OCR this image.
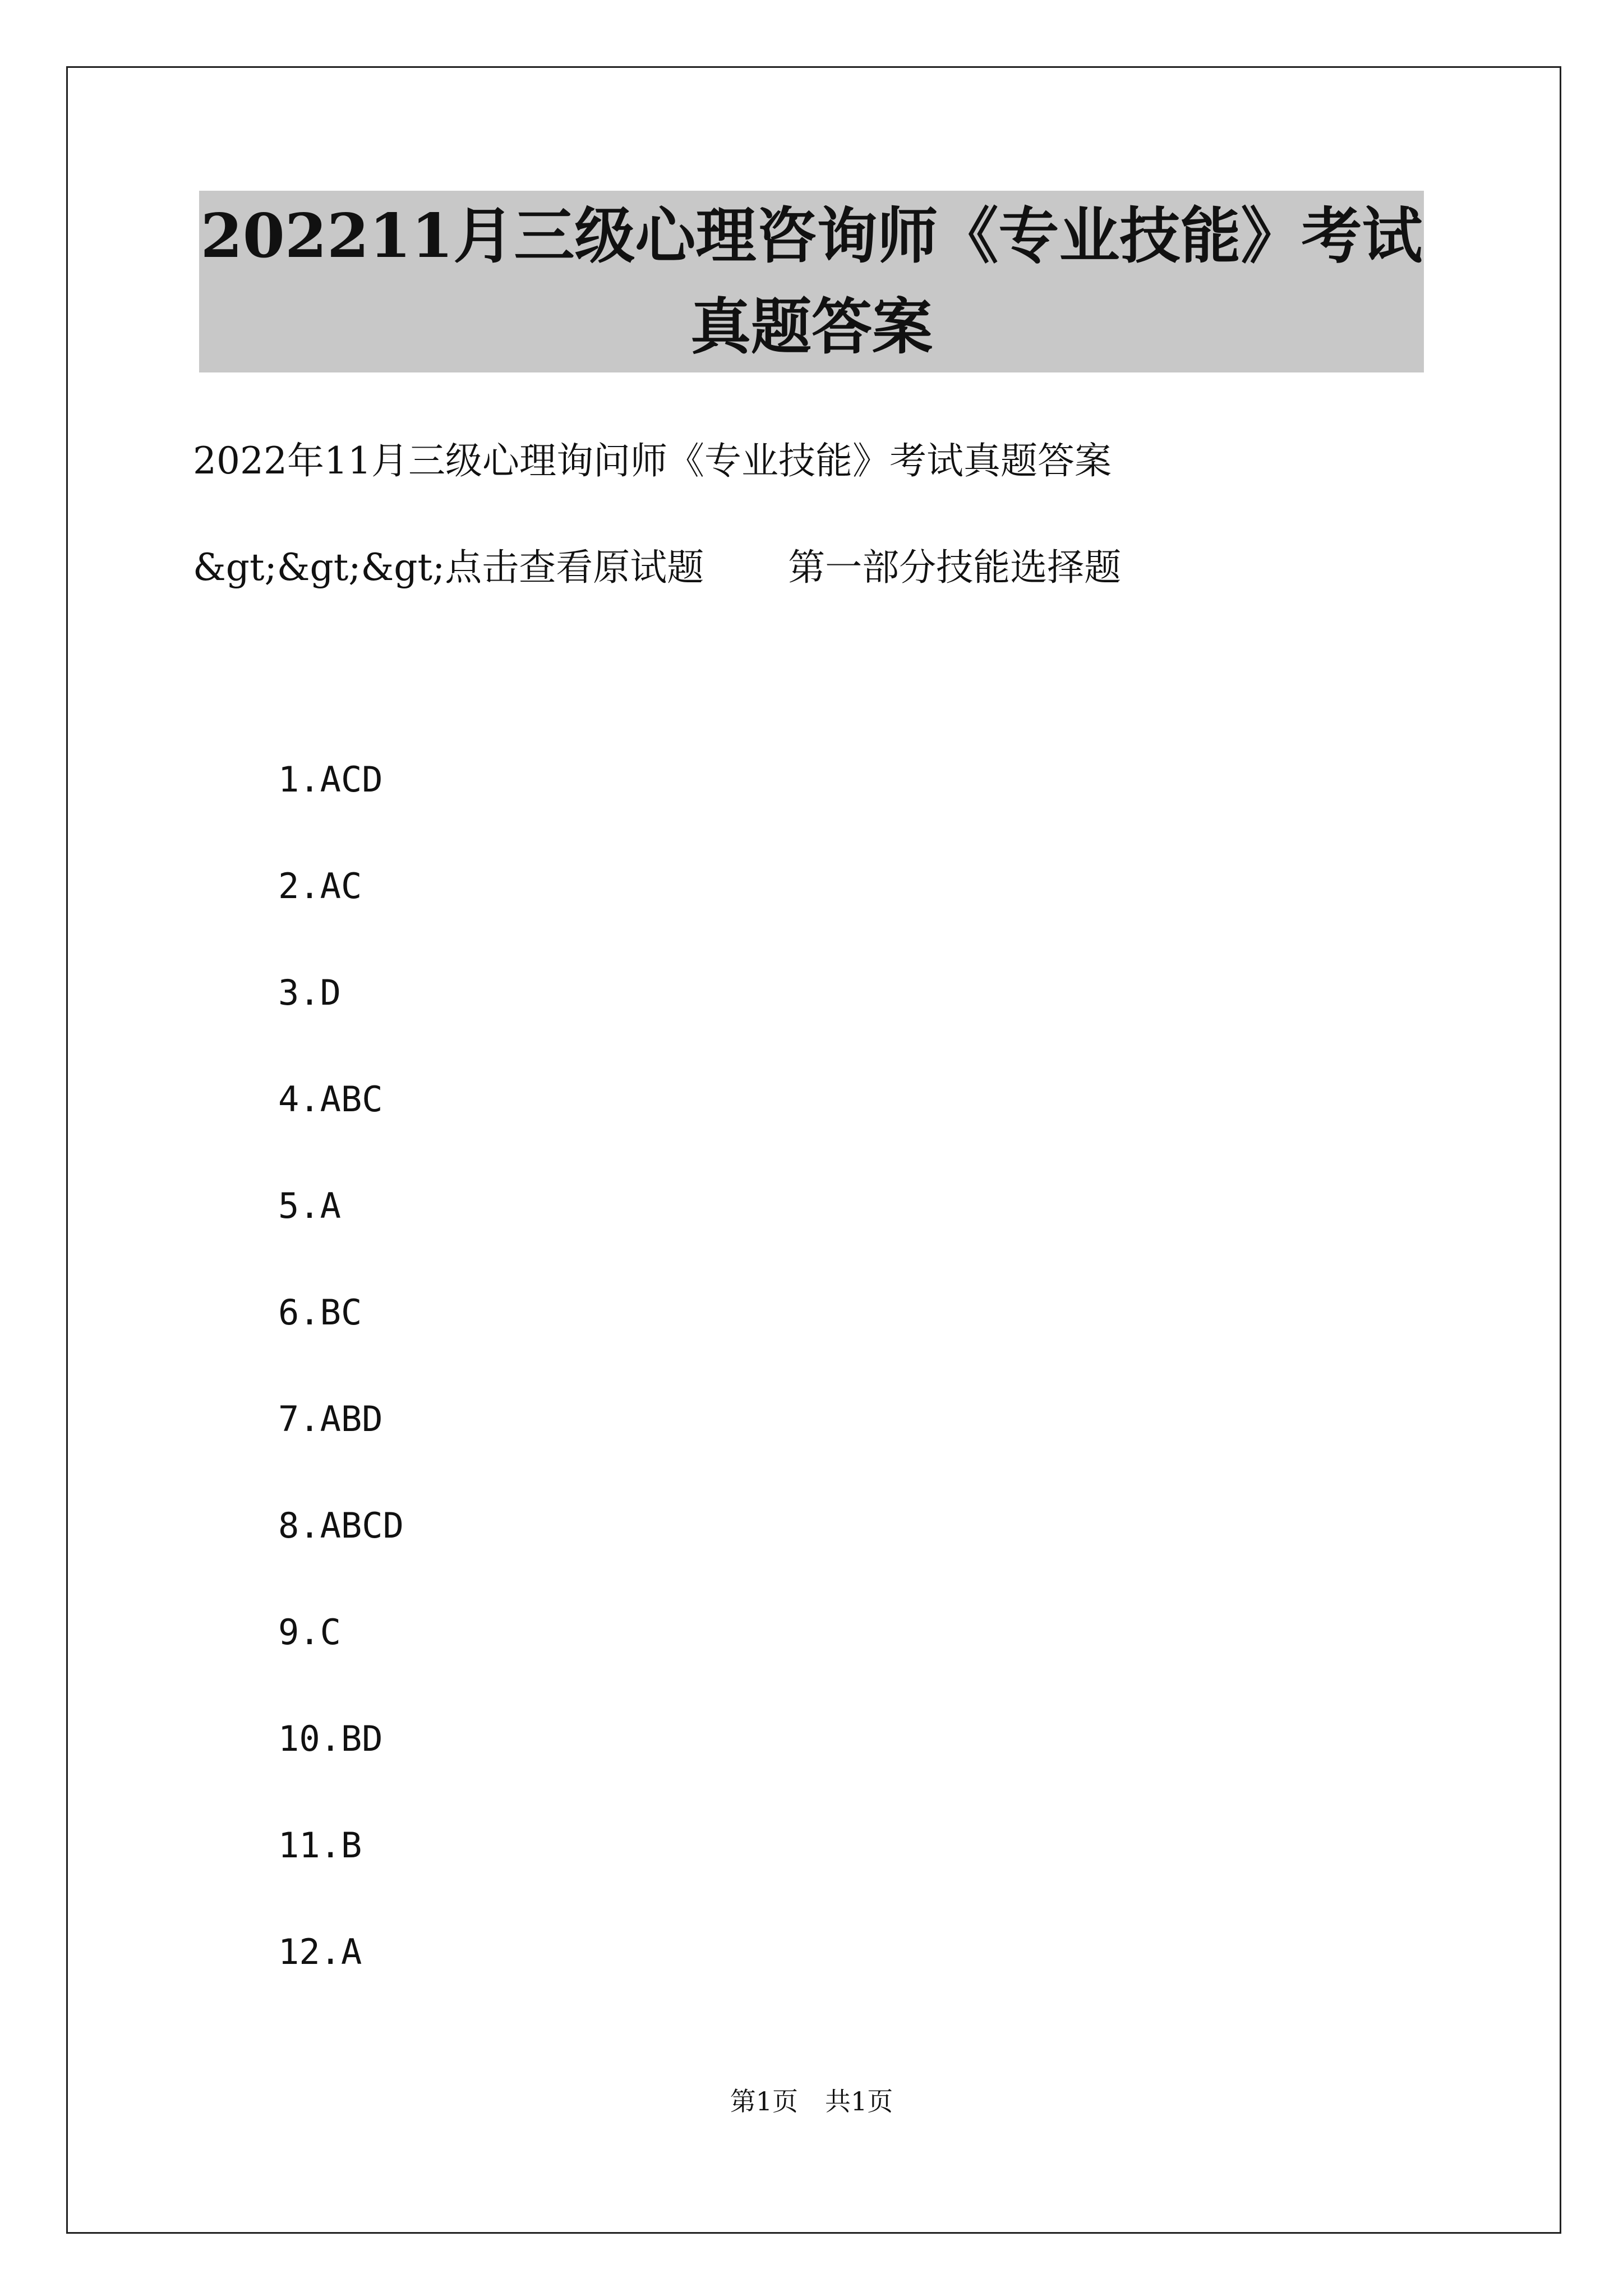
202211月三级心理咨询师《专业技能》考试真题答案
2022年11月三级心理询问师《专业技能》考试真题答案
&gt;&gt;&gt;点击查看原试题 第一部分技能选择题
1.ACD
2.AC
3.D
4.ABC
5.A
6.BC
7.ABD
8.ABCD
9.C
10.BD
11.B
12.A
第1页 共1页
